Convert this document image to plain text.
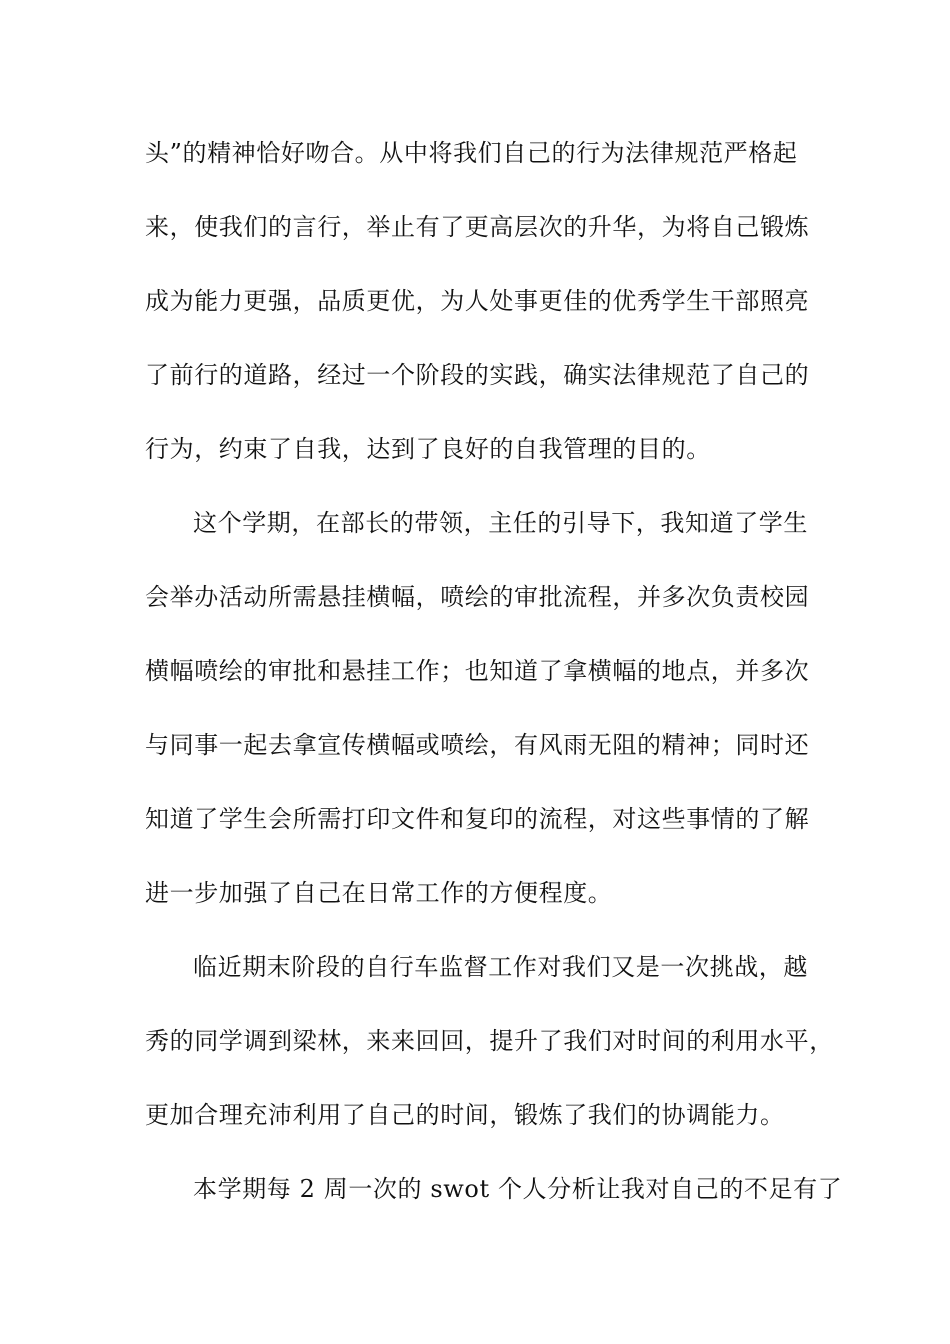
头”的精神恰好吻合。从中将我们自己的行为法律规范严格起
来，使我们的言行，举止有了更高层次的升华，为将自己锻炼
成为能力更强，品质更优，为人处事更佳的优秀学生干部照亮
了前行的道路，经过一个阶段的实践，确实法律规范了自己的
行为，约束了自我，达到了良好的自我管理的目的。
这个学期，在部长的带领，主任的引导下，我知道了学生
会举办活动所需悬挂横幅，喷绘的审批流程，并多次负责校园
横幅喷绘的审批和悬挂工作；也知道了拿横幅的地点，并多次
与同事一起去拿宣传横幅或喷绘，有风雨无阻的精神；同时还
知道了学生会所需打印文件和复印的流程，对这些事情的了解
进一步加强了自己在日常工作的方便程度。
临近期末阶段的自行车监督工作对我们又是一次挑战，越
秀的同学调到梁林，来来回回，提升了我们对时间的利用水平，
更加合理充沛利用了自己的时间，锻炼了我们的协调能力。
本学期每 2 周一次的 swot 个人分析让我对自己的不足有了
